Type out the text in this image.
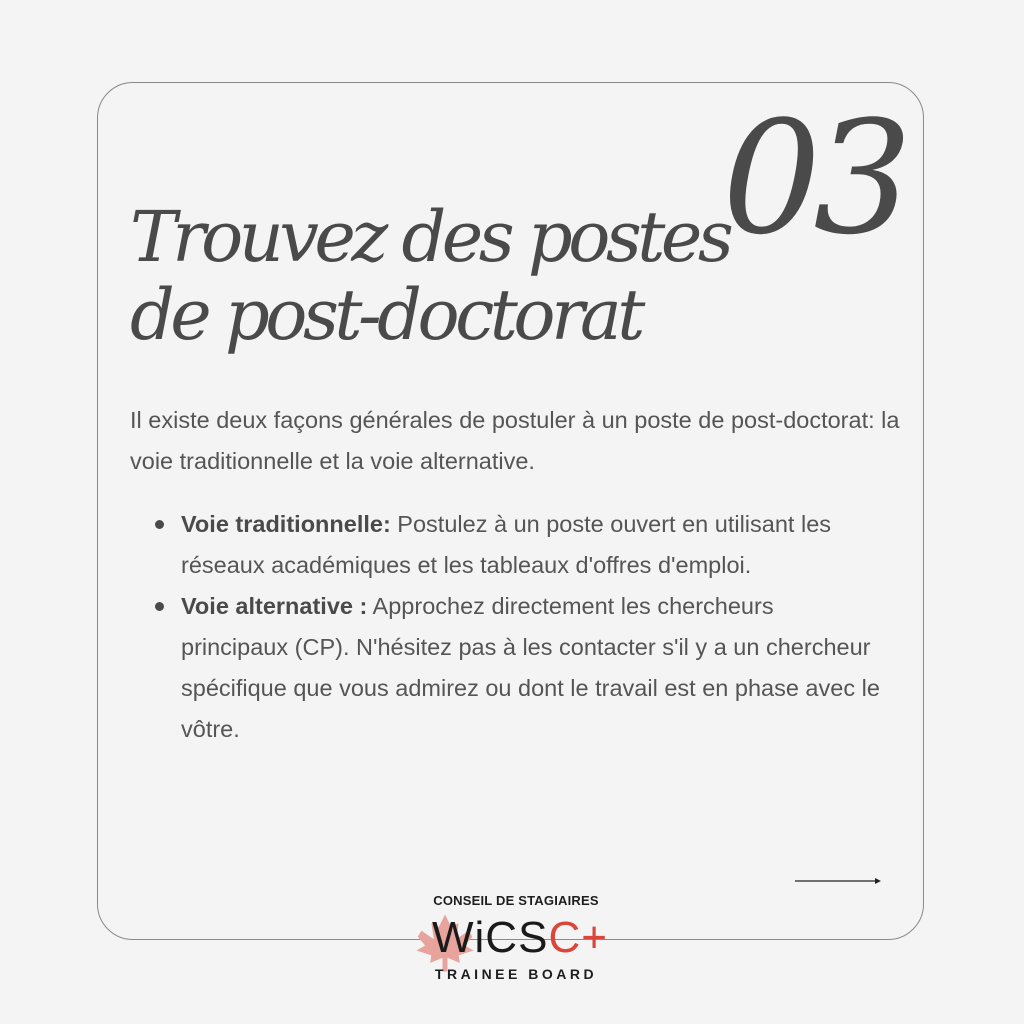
03
Trouvez des postes
de post-doctorat

Il existe deux façons générales de postuler à un poste de post-doctorat: la voie traditionnelle et la voie alternative.

Voie traditionnelle: Postulez à un poste ouvert en utilisant les réseaux académiques et les tableaux d'offres d'emploi.
Voie alternative : Approchez directement les chercheurs principaux (CP). N'hésitez pas à les contacter s'il y a un chercheur spécifique que vous admirez ou dont le travail est en phase avec le vôtre.
CONSEIL DE STAGIAIRES
WiCSC+
TRAINEE BOARD
